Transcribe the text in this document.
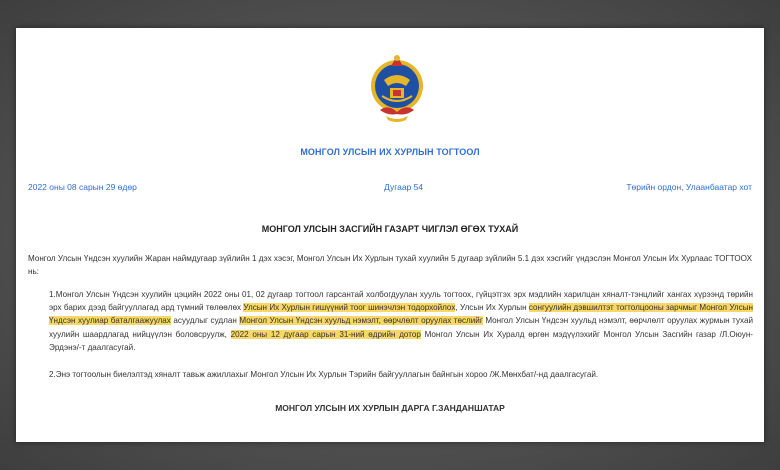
МОНГОЛ УЛСЫН ИХ ХУРЛЫН ТОГТООЛ
2022 оны 08 сарын 29 өдөр	Дугаар 54	Төрийн ордон, Улаанбаатар хот
МОНГОЛ УЛСЫН ЗАСГИЙН ГАЗАРТ ЧИГЛЭЛ ӨГӨХ ТУХАЙ
Монгол Улсын Үндсэн хуулийн Жаран наймдугаар зүйлийн 1 дэх хэсэг, Монгол Улсын Их Хурлын тухай хуулийн 5 дугаар зүйлийн 5.1 дэх хэсгийг үндэслэн Монгол Улсын Их Хурлаас ТОГТООХ нь:
1.Монгол Улсын Үндсэн хуулийн цэцийн 2022 оны 01, 02 дугаар тогтоол гарсантай холбогдуулан хууль тогтоох, гүйцэтгэх эрх мэдлийн харилцан хяналт-тэнцлийг хангах хүрээнд төрийн эрх барих дээд байгууллагад ард түмний төлөөлөх Улсын Их Хурлын гишүүний тоог шинэчлэн тодорхойлох, Улсын Их Хурлын сонгуулийн дэвшилтэт тогтолцооны зарчмыг Монгол Улсын Үндсэн хуулиар баталгаажуулах асуудлыг судлан Монгол Улсын Үндсэн хуульд нэмэлт, өөрчлөлт оруулах төслийг Монгол Улсын Үндсэн хуульд нэмэлт, өөрчлөлт оруулах журмын тухай хуулийн шаардлагад нийцүүлэн боловсруулж, 2022 оны 12 дугаар сарын 31-ний өдрийн дотор Монгол Улсын Их Хуралд өргөн мэдүүлэхийг Монгол Улсын Засгийн газар /Л.Оюун-Эрдэнэ/-т даалгасугай.
2.Энэ тогтоолын биелэлтэд хяналт тавьж ажиллахыг Монгол Улсын Их Хурлын Тэрийн байгууллагын байнгын хороо /Ж.Мөнхбат/-нд даалгасугай.
МОНГОЛ УЛСЫН ИХ ХУРЛЫН ДАРГА Г.ЗАНДАНШАТАР
